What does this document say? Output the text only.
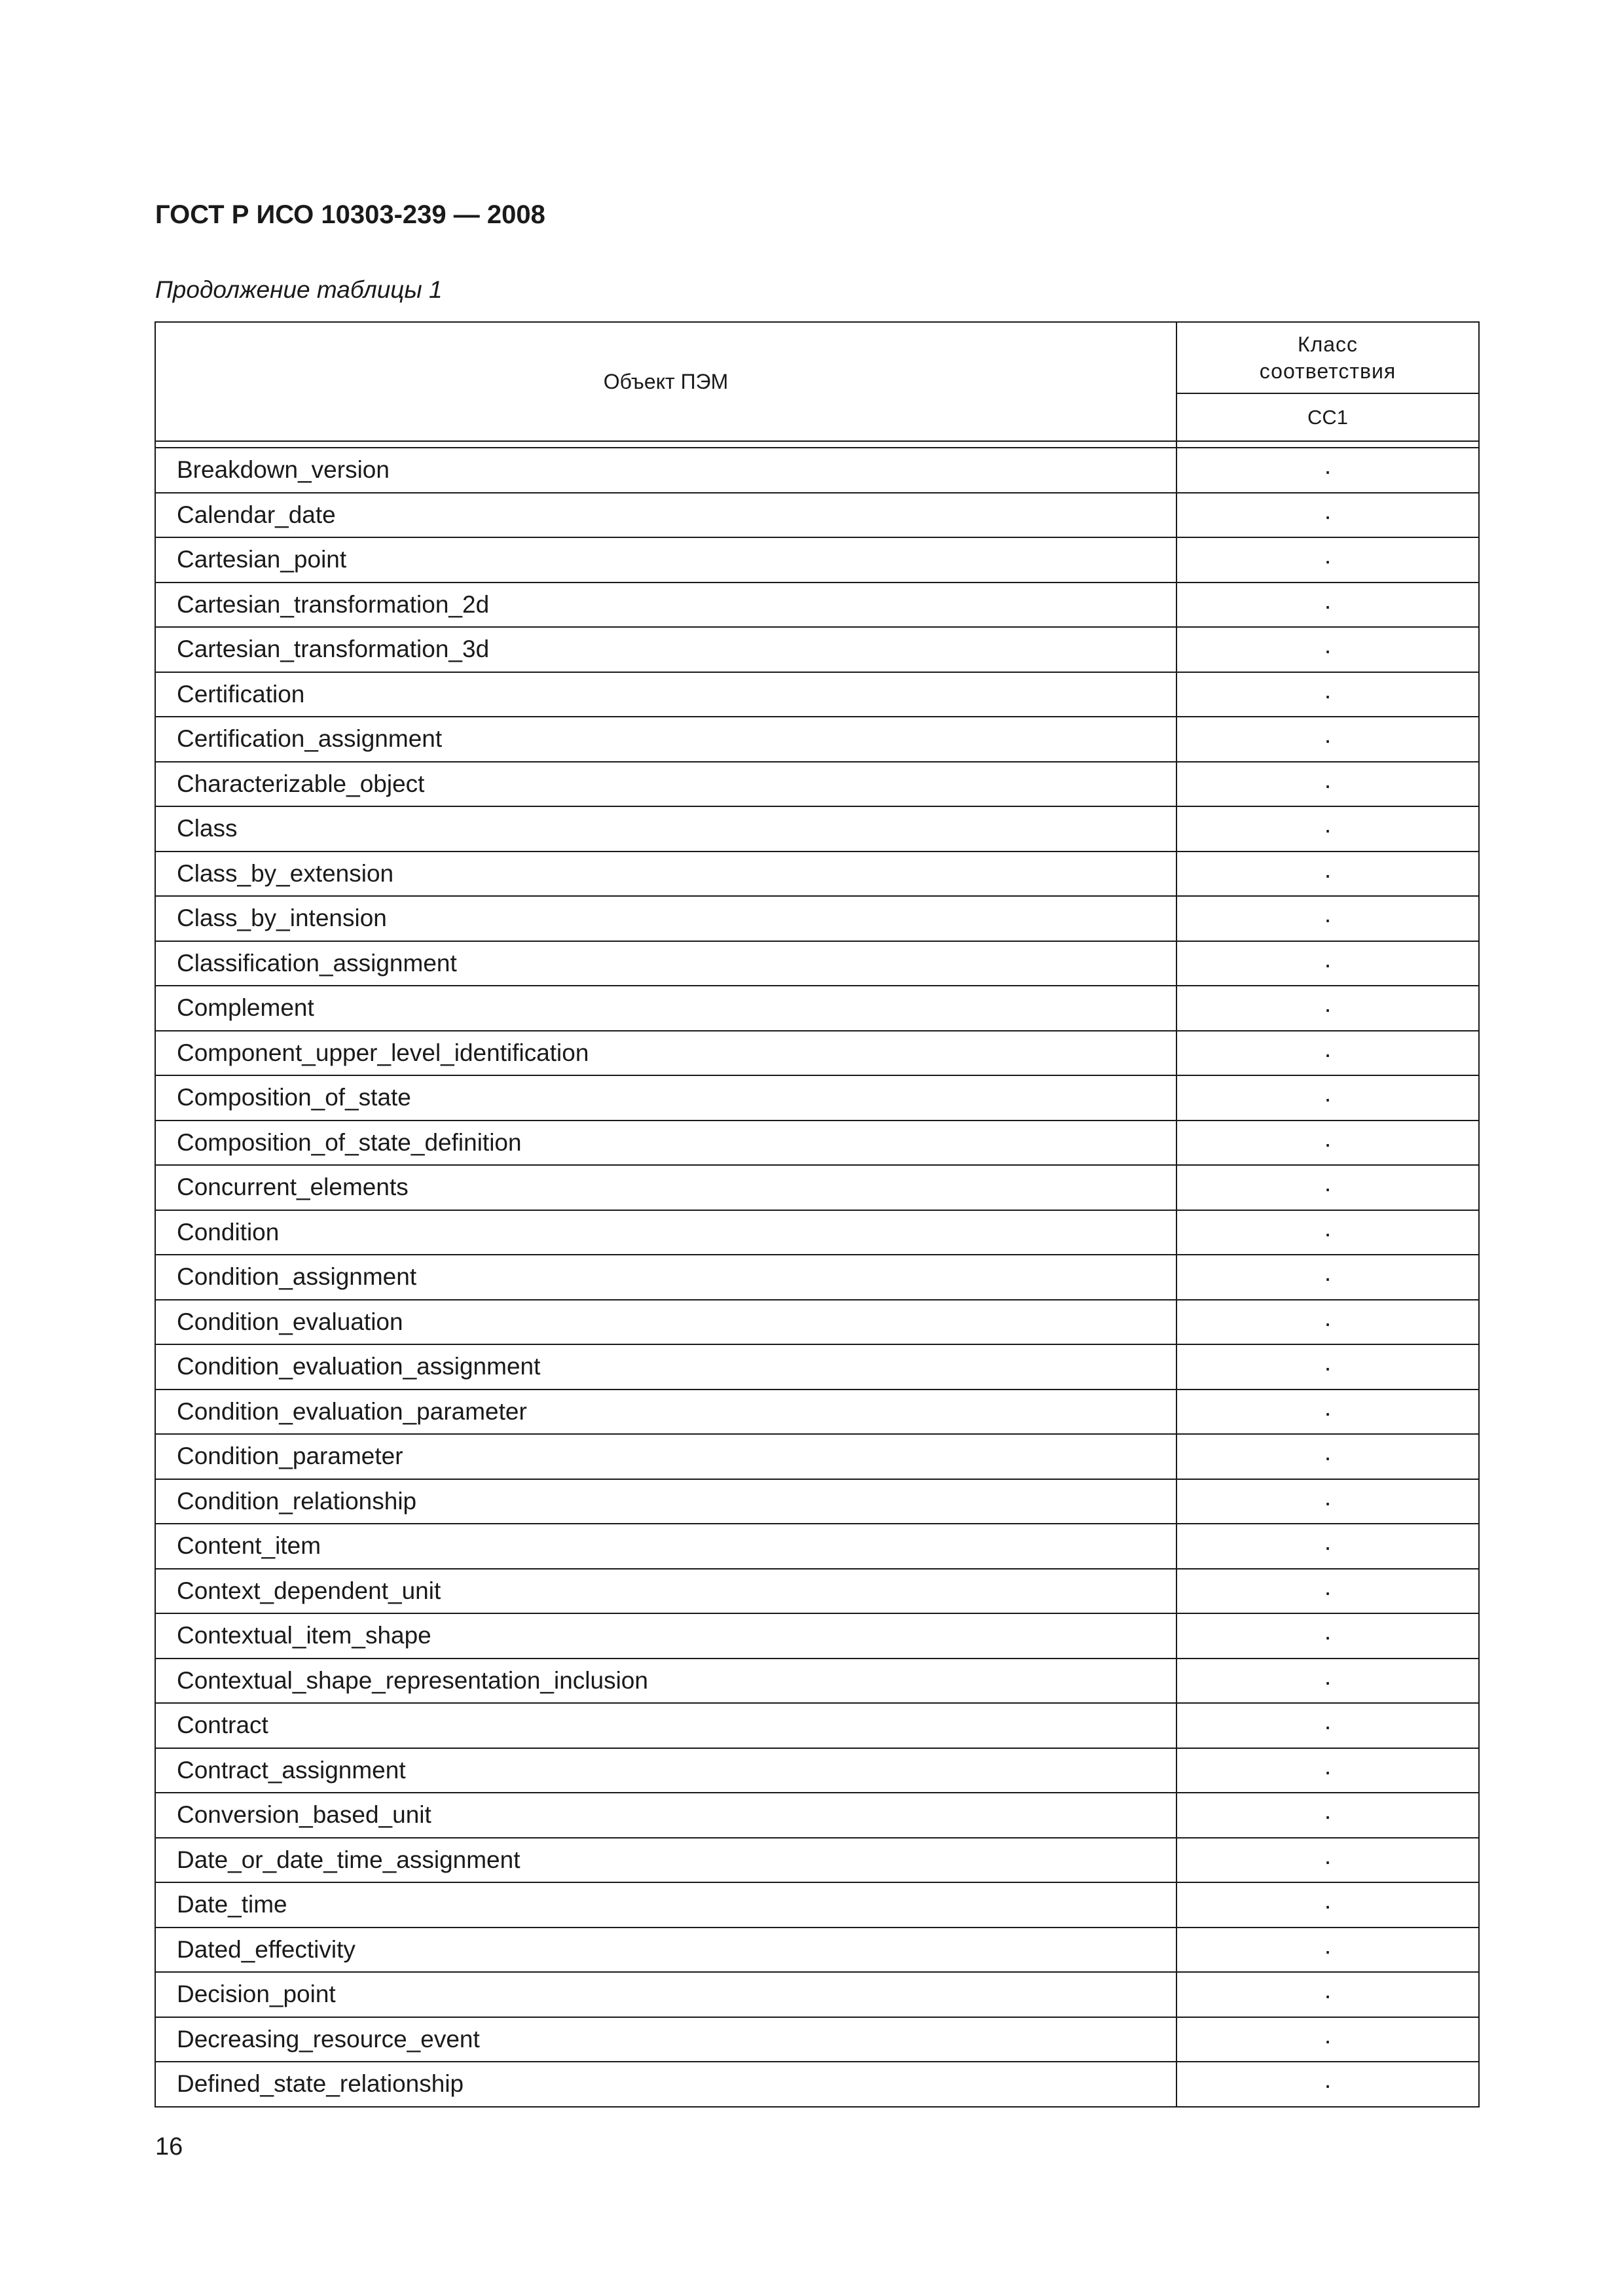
ГОСТ Р ИСО 10303-239 — 2008
Продолжение таблицы 1
Объект ПЭМ	Класс
соответствия
	CC1

Breakdown_version	·
Calendar_date	·
Cartesian_point	·
Cartesian_transformation_2d	·
Cartesian_transformation_3d	·
Certification	·
Certification_assignment	·
Characterizable_object	·
Class	·
Class_by_extension	·
Class_by_intension	·
Classification_assignment	·
Complement	·
Component_upper_level_identification	·
Composition_of_state	·
Composition_of_state_definition	·
Concurrent_elements	·
Condition	·
Condition_assignment	·
Condition_evaluation	·
Condition_evaluation_assignment	·
Condition_evaluation_parameter	·
Condition_parameter	·
Condition_relationship	·
Content_item	·
Context_dependent_unit	·
Contextual_item_shape	·
Contextual_shape_representation_inclusion	·
Contract	·
Contract_assignment	·
Conversion_based_unit	·
Date_or_date_time_assignment	·
Date_time	·
Dated_effectivity	·
Decision_point	·
Decreasing_resource_event	·
Defined_state_relationship	·
16
